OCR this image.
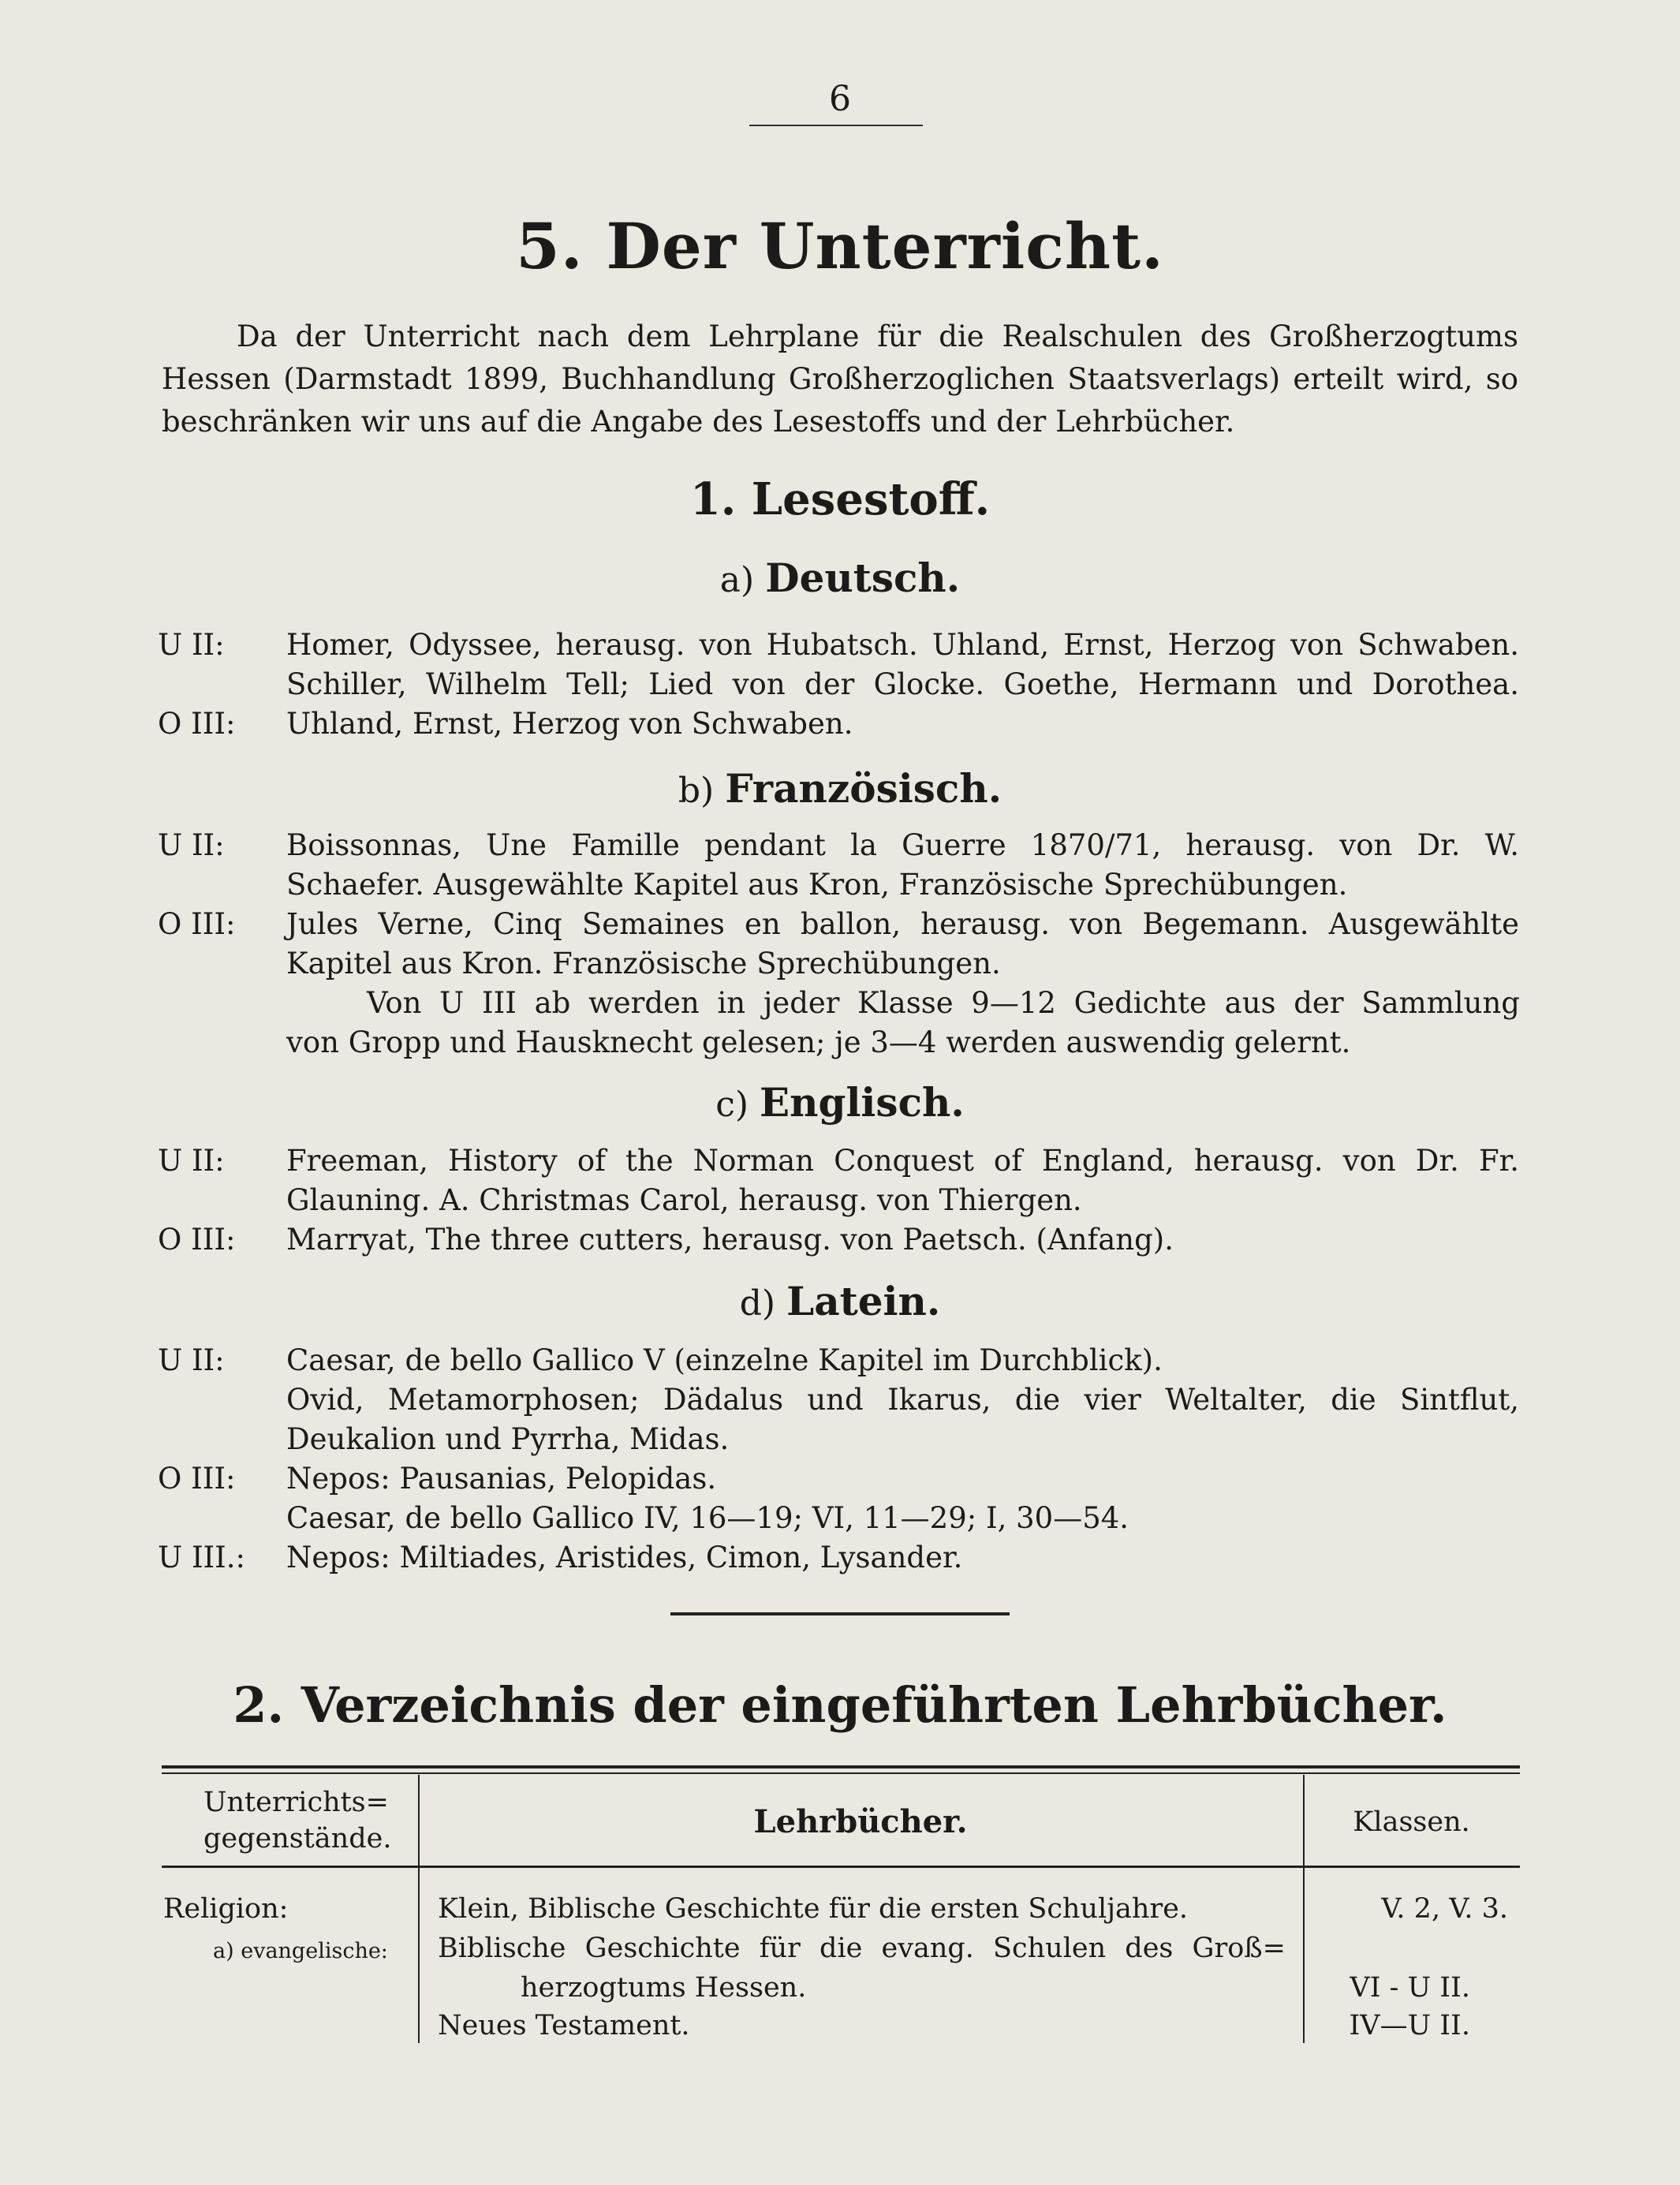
6
5. Der Unterricht.
Da der Unterricht nach dem Lehrplane für die Realschulen des Großherzogtums
Hessen (Darmstadt 1899, Buchhandlung Großherzoglichen Staatsverlags) erteilt wird, so
beschränken wir uns auf die Angabe des Lesestoffs und der Lehrbücher.
1. Lesestoff.
a) Deutsch.
U II: Homer, Odyssee, herausg. von Hubatsch. Uhland, Ernst, Herzog von Schwaben.
Schiller, Wilhelm Tell; Lied von der Glocke. Goethe, Hermann und Dorothea.
O III: Uhland, Ernst, Herzog von Schwaben.
b) Französisch.
U II: Boissonnas, Une Famille pendant la Guerre 1870/71, herausg. von Dr. W.
Schaefer. Ausgewählte Kapitel aus Kron, Französische Sprechübungen.
O III: Jules Verne, Cinq Semaines en ballon, herausg. von Begemann. Ausgewählte
Kapitel aus Kron. Französische Sprechübungen.
Von U III ab werden in jeder Klasse 9—12 Gedichte aus der Sammlung
von Gropp und Hausknecht gelesen; je 3—4 werden auswendig gelernt.
c) Englisch.
U II: Freeman, History of the Norman Conquest of England, herausg. von Dr. Fr.
Glauning. A. Christmas Carol, herausg. von Thiergen.
O III: Marryat, The three cutters, herausg. von Paetsch. (Anfang).
d) Latein.
U II: Caesar, de bello Gallico V (einzelne Kapitel im Durchblick).
Ovid, Metamorphosen; Dädalus und Ikarus, die vier Weltalter, die Sintflut,
Deukalion und Pyrrha, Midas.
O III: Nepos: Pausanias, Pelopidas.
Caesar, de bello Gallico IV, 16—19; VI, 11—29; I, 30—54.
U III.: Nepos: Miltiades, Aristides, Cimon, Lysander.
2. Verzeichnis der eingeführten Lehrbücher.
Unterrichts=
gegenstände.	Lehrbücher.	Klassen.
Religion:
a) evangelische:
Klein, Biblische Geschichte für die ersten Schuljahre.	V. 2, V. 3.
Biblische Geschichte für die evang. Schulen des Groß=
herzogtums Hessen.	VI - U II.
Neues Testament.	IV—U II.
